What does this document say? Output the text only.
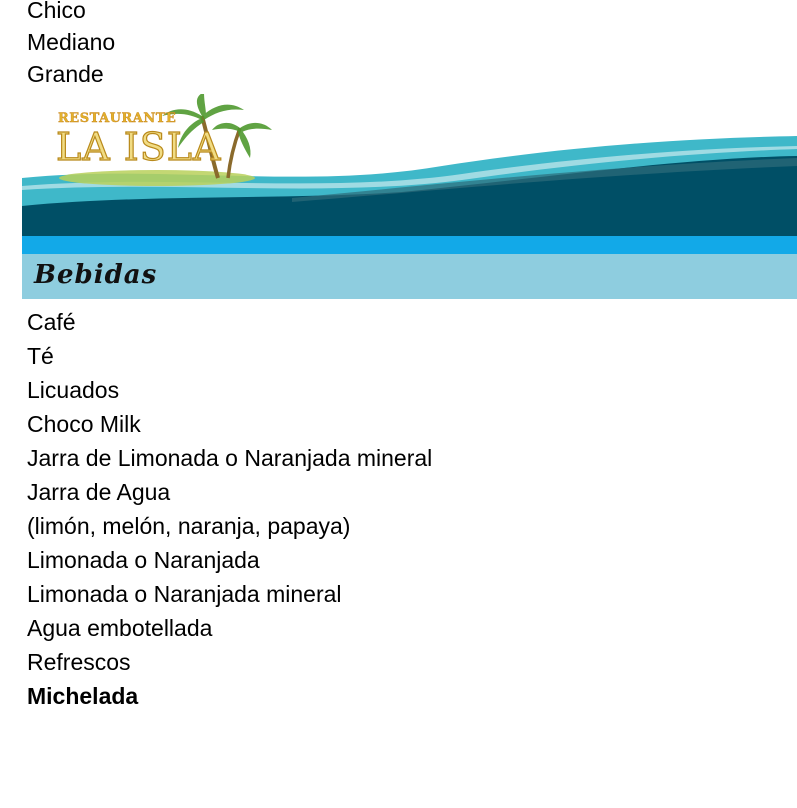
Chico
Mediano
Grande
RESTAURANTE
LA ISLA
Bebidas
Café
Té
Licuados
Choco Milk
Jarra de Limonada o Naranjada mineral
Jarra de Agua
(limón, melón, naranja, papaya)
Limonada o Naranjada
Limonada o Naranjada mineral
Agua embotellada
Refrescos
Michelada
